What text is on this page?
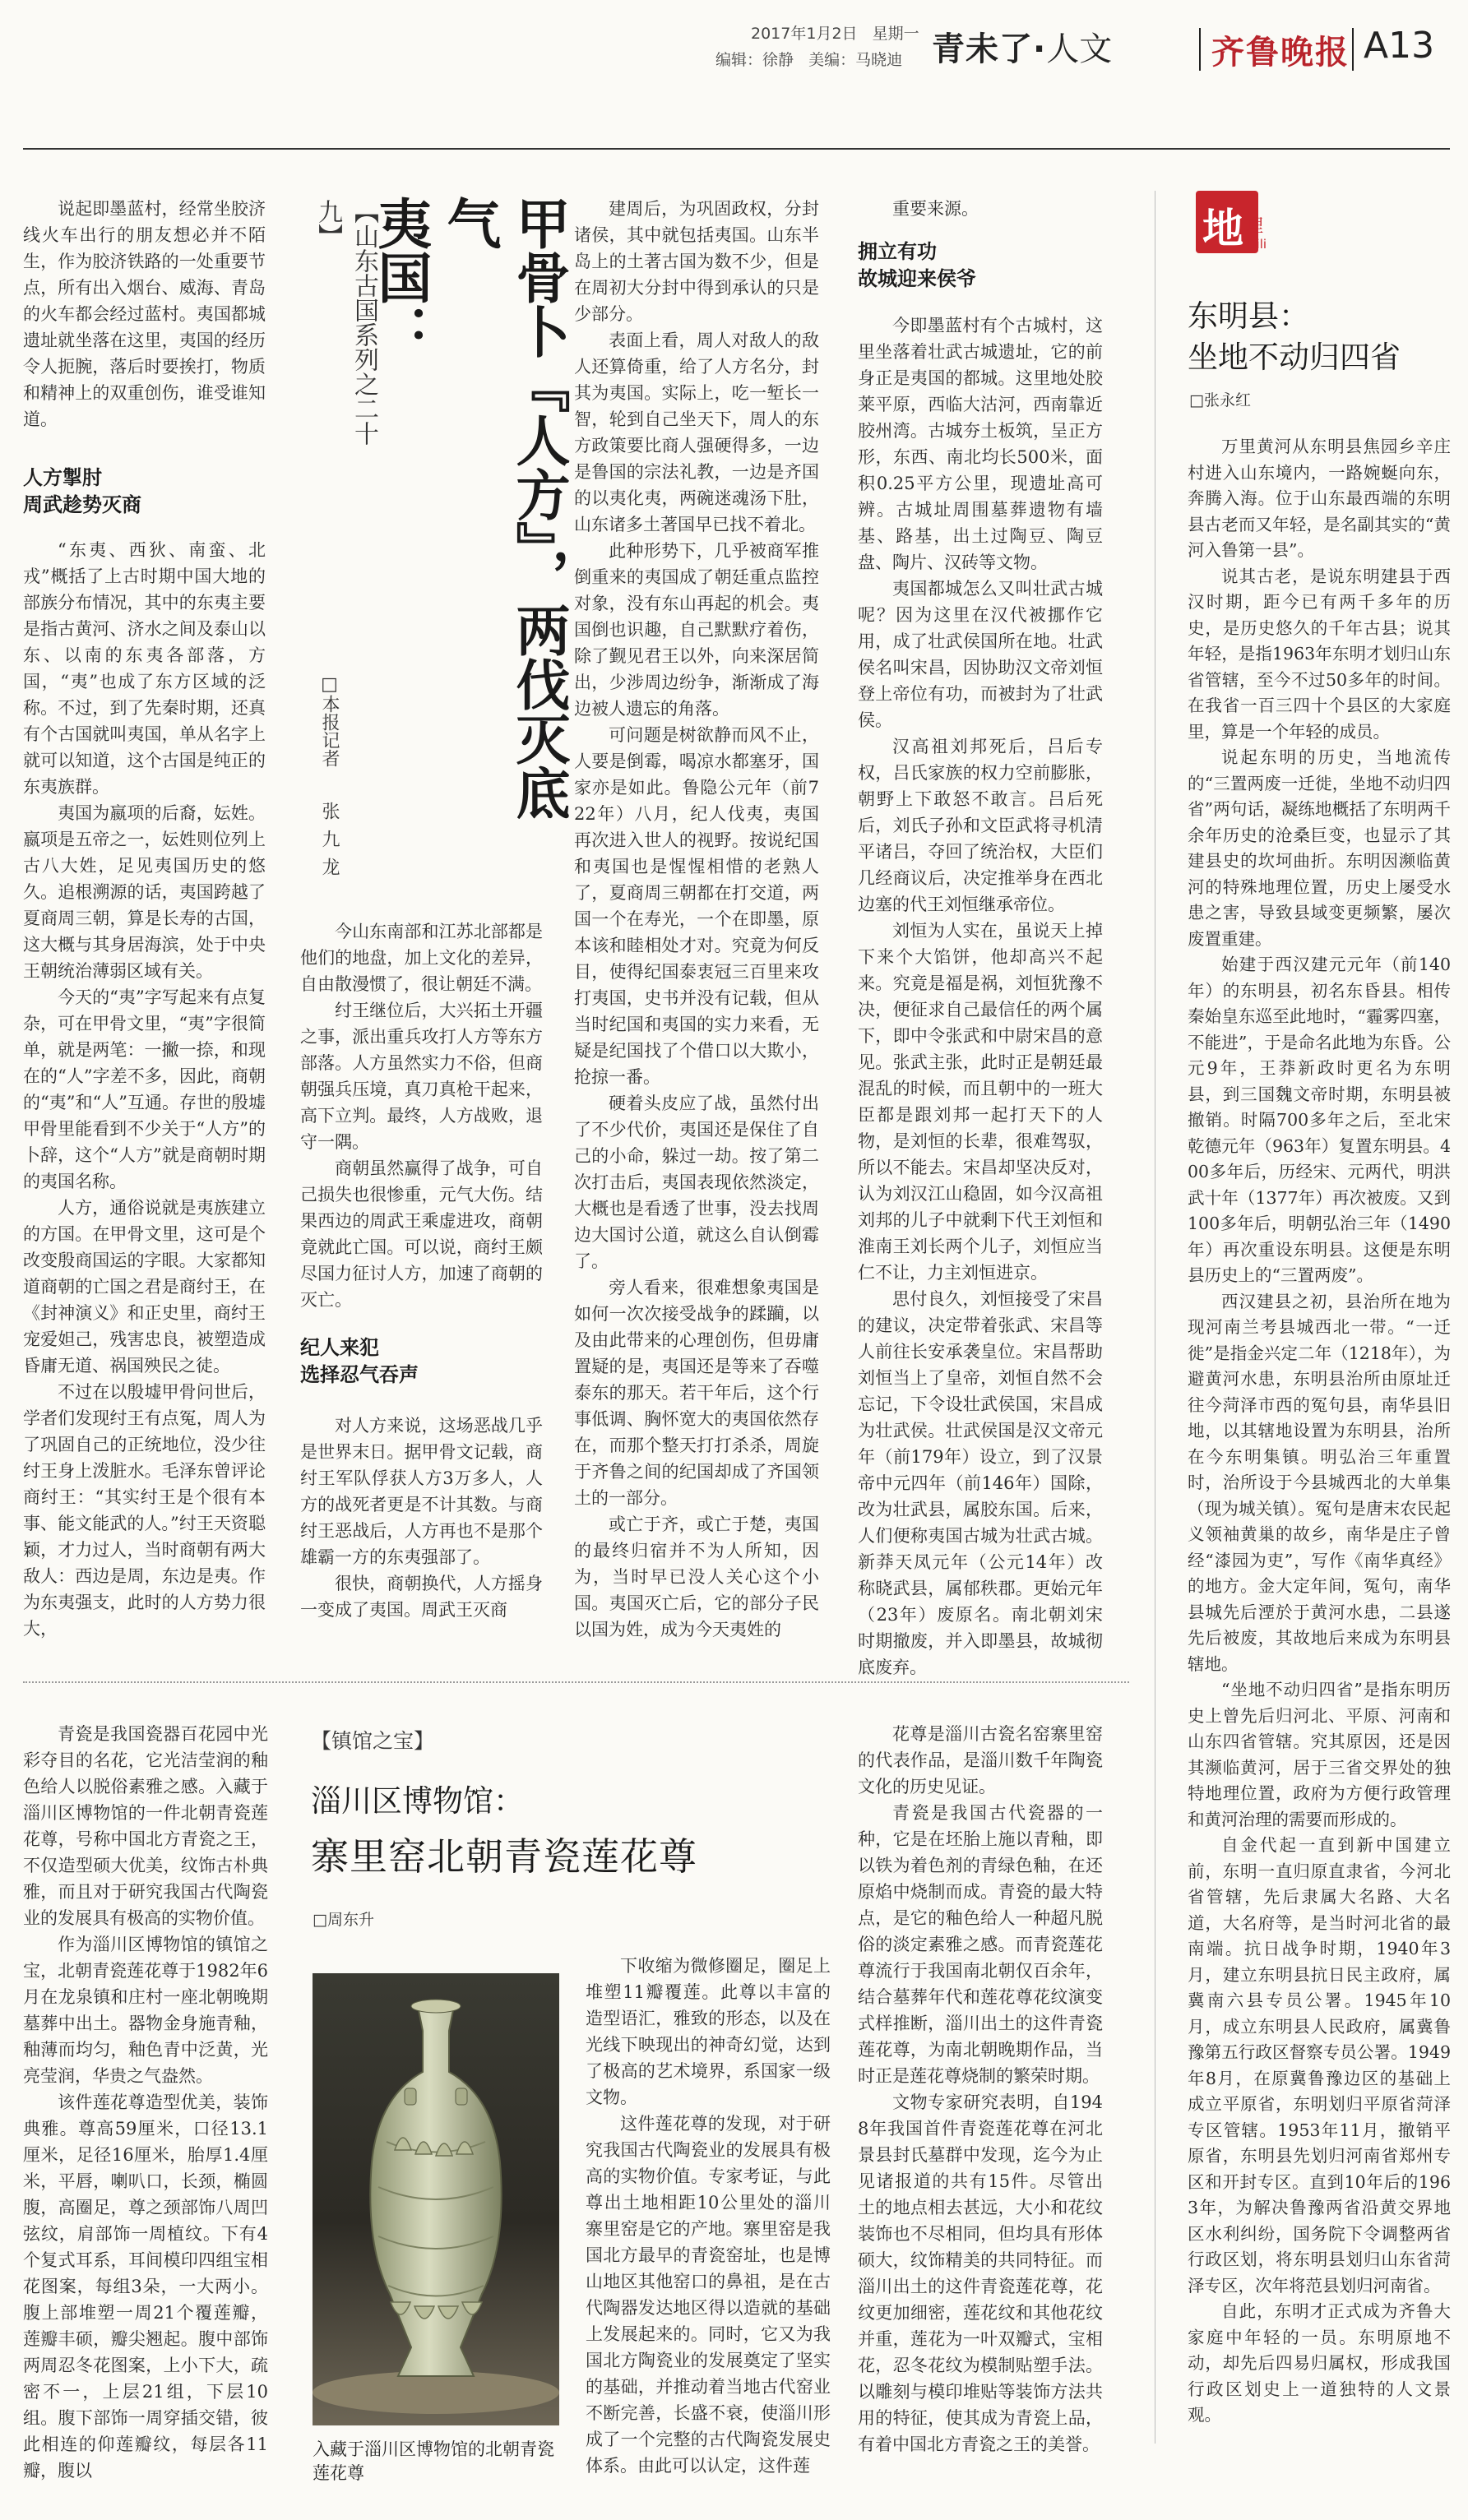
2017年1月2日 星期一
编辑：徐静 美编：马晓迪 青未了·人文	齐鲁晚报 A13

说起即墨蓝村，经常坐胶济线火车出行的朋友想必并不陌生，作为胶济铁路的一处重要节点，所有出入烟台、威海、青岛的火车都会经过蓝村。夷国都城遗址就坐落在这里，夷国的经历令人扼腕，落后时要挨打，物质和精神上的双重创伤，谁受谁知道。

人方掣肘
周武趁势灭商

“东夷、西狄、南蛮、北戎”概括了上古时期中国大地的部族分布情况，其中的东夷主要是指古黄河、济水之间及泰山以东、以南的东夷各部落，方国，“夷”也成了东方区域的泛称。不过，到了先秦时期，还真有个古国就叫夷国，单从名字上就可以知道，这个古国是纯正的东夷族群。

夷国为嬴项的后裔，妘姓。嬴项是五帝之一，妘姓则位列上古八大姓，足见夷国历史的悠久。追根溯源的话，夷国跨越了夏商周三朝，算是长寿的古国，这大概与其身居海滨，处于中央王朝统治薄弱区域有关。

今天的“夷”字写起来有点复杂，可在甲骨文里，“夷”字很简单，就是两笔：一撇一捺，和现在的“人”字差不多，因此，商朝的“夷”和“人”互通。存世的殷墟甲骨里能看到不少关于“人方”的卜辞，这个“人方”就是商朝时期的夷国名称。

人方，通俗说就是夷族建立的方国。在甲骨文里，这可是个改变殷商国运的字眼。大家都知道商朝的亡国之君是商纣王，在《封神演义》和正史里，商纣王宠爱妲己，残害忠良，被塑造成昏庸无道、祸国殃民之徒。

不过在以殷墟甲骨问世后，学者们发现纣王有点冤，周人为了巩固自己的正统地位，没少往纣王身上泼脏水。毛泽东曾评论商纣王：“其实纣王是个很有本事、能文能武的人。”纣王天资聪颖，才力过人，当时商朝有两大敌人：西边是周，东边是夷。作为东夷强支，此时的人方势力很大，

【山东古国系列之二十九】	甲骨卜『人方』，两伐灭底气
夷国：
□本报记者
张九龙

今山东南部和江苏北部都是他们的地盘，加上文化的差异，自由散漫惯了，很让朝廷不满。

纣王继位后，大兴拓土开疆之事，派出重兵攻打人方等东方部落。人方虽然实力不俗，但商朝强兵压境，真刀真枪干起来，高下立判。最终，人方战败，退守一隅。

商朝虽然赢得了战争，可自己损失也很惨重，元气大伤。结果西边的周武王乘虚进攻，商朝竟就此亡国。可以说，商纣王颇尽国力征讨人方，加速了商朝的灭亡。

纪人来犯
选择忍气吞声

对人方来说，这场恶战几乎是世界末日。据甲骨文记载，商纣王军队俘获人方3万多人，人方的战死者更是不计其数。与商纣王恶战后，人方再也不是那个雄霸一方的东夷强部了。

很快，商朝换代，人方摇身一变成了夷国。周武王灭商

建周后，为巩固政权，分封诸侯，其中就包括夷国。山东半岛上的土著古国为数不少，但是在周初大分封中得到承认的只是少部分。

表面上看，周人对敌人的敌人还算倚重，给了人方名分，封其为夷国。实际上，吃一堑长一智，轮到自己坐天下，周人的东方政策要比商人强硬得多，一边是鲁国的宗法礼教，一边是齐国的以夷化夷，两碗迷魂汤下肚，山东诸多土著国早已找不着北。

此种形势下，几乎被商军推倒重来的夷国成了朝廷重点监控对象，没有东山再起的机会。夷国倒也识趣，自己默默疗着伤，除了觐见君王以外，向来深居简出，少涉周边纷争，渐渐成了海边被人遗忘的角落。

可问题是树欲静而风不止，人要是倒霉，喝凉水都塞牙，国家亦是如此。鲁隐公元年（前722年）八月，纪人伐夷，夷国再次进入世人的视野。按说纪国和夷国也是惺惺相惜的老熟人了，夏商周三朝都在打交道，两国一个在寿光，一个在即墨，原本该和睦相处才对。究竟为何反目，使得纪国泰衷冠三百里来攻打夷国，史书并没有记载，但从当时纪国和夷国的实力来看，无疑是纪国找了个借口以大欺小，抢掠一番。

硬着头皮应了战，虽然付出了不少代价，夷国还是保住了自己的小命，躲过一劫。按了第二次打击后，夷国表现依然淡定，大概也是看透了世事，没去找周边大国讨公道，就这么自认倒霉了。

旁人看来，很难想象夷国是如何一次次接受战争的蹂躏，以及由此带来的心理创伤，但毋庸置疑的是，夷国还是等来了吞噬泰东的那天。若干年后，这个行事低调、胸怀宽大的夷国依然存在，而那个整天打打杀杀，周旋于齐鲁之间的纪国却成了齐国领土的一部分。

或亡于齐，或亡于楚，夷国的最终归宿并不为人所知，因为，当时早已没人关心这个小国。夷国灭亡后，它的部分子民以国为姓，成为今天夷姓的

重要来源。

拥立有功
故城迎来侯爷

今即墨蓝村有个古城村，这里坐落着壮武古城遗址，它的前身正是夷国的都城。这里地处胶莱平原，西临大沽河，西南靠近胶州湾。古城夯土板筑，呈正方形，东西、南北均长500米，面积0.25平方公里，现遗址高可辨。古城址周围墓葬遗物有墙基、路基，出土过陶豆、陶豆盘、陶片、汉砖等文物。

夷国都城怎么又叫壮武古城呢？因为这里在汉代被挪作它用，成了壮武侯国所在地。壮武侯名叫宋昌，因协助汉文帝刘恒登上帝位有功，而被封为了壮武侯。

汉高祖刘邦死后，吕后专权，吕氏家族的权力空前膨胀，朝野上下敢怒不敢言。吕后死后，刘氏子孙和文臣武将寻机清平诸吕，夺回了统治权，大臣们几经商议后，决定推举身在西北边塞的代王刘恒继承帝位。

刘恒为人实在，虽说天上掉下来个大馅饼，他却高兴不起来。究竟是福是祸，刘恒犹豫不决，便征求自己最信任的两个属下，即中令张武和中尉宋昌的意见。张武主张，此时正是朝廷最混乱的时候，而且朝中的一班大臣都是跟刘邦一起打天下的人物，是刘恒的长辈，很难驾驭，所以不能去。宋昌却坚决反对，认为刘汉江山稳固，如今汉高祖刘邦的儿子中就剩下代王刘恒和淮南王刘长两个儿子，刘恒应当仁不让，力主刘恒进京。

思付良久，刘恒接受了宋昌的建议，决定带着张武、宋昌等人前往长安承袭皇位。宋昌帮助刘恒当上了皇帝，刘恒自然不会忘记，下令设壮武侯国，宋昌成为壮武侯。壮武侯国是汉文帝元年（前179年）设立，到了汉景帝中元四年（前146年）国除，改为壮武县，属胶东国。后来，人们便称夷国古城为壮武古城。新莽天凤元年（公元14年）改称晓武县，属郁秩郡。更始元年（23年）废原名。南北朝刘宋时期撤废，并入即墨县，故城彻底废弃。

地 理
Dili
东明县：
坐地不动归四省
□张永红

万里黄河从东明县焦园乡辛庄村进入山东境内，一路婉蜒向东，奔腾入海。位于山东最西端的东明县古老而又年轻，是名副其实的“黄河入鲁第一县”。

说其古老，是说东明建县于西汉时期，距今已有两千多年的历史，是历史悠久的千年古县；说其年轻，是指1963年东明才划归山东省管辖，至今不过50多年的时间。在我省一百三四十个县区的大家庭里，算是一个年轻的成员。

说起东明的历史，当地流传的“三置两废一迁徙，坐地不动归四省”两句话，凝练地概括了东明两千余年历史的沧桑巨变，也显示了其建县史的坎坷曲折。东明因濒临黄河的特殊地理位置，历史上屡受水患之害，导致县域变更频繁，屡次废置重建。

始建于西汉建元元年（前140年）的东明县，初名东昏县。相传秦始皇东巡至此地时，“霾雾四塞，不能进”，于是命名此地为东昏。公元9年，王莽新政时更名为东明县，到三国魏文帝时期，东明县被撤销。时隔700多年之后，至北宋乾德元年（963年）复置东明县。400多年后，历经宋、元两代，明洪武十年（1377年）再次被废。又到100多年后，明朝弘治三年（1490年）再次重设东明县。这便是东明县历史上的“三置两废”。

西汉建县之初，县治所在地为现河南兰考县城西北一带。“一迁徙”是指金兴定二年（1218年），为避黄河水患，东明县治所由原址迁往今菏泽市西的冤句县，南华县旧地，以其辖地设置为东明县，治所在今东明集镇。明弘治三年重置时，治所设于今县城西北的大单集（现为城关镇）。冤句是唐末农民起义领袖黄巢的故乡，南华是庄子曾经“漆园为吏”，写作《南华真经》的地方。金大定年间，冤句，南华县城先后湮於于黄河水患，二县遂先后被废，其故地后来成为东明县辖地。

“坐地不动归四省”是指东明历史上曾先后归河北、平原、河南和山东四省管辖。究其原因，还是因其濒临黄河，居于三省交界处的独特地理位置，政府为方便行政管理和黄河治理的需要而形成的。

自金代起一直到新中国建立前，东明一直归原直隶省，今河北省管辖，先后隶属大名路、大名道，大名府等，是当时河北省的最南端。抗日战争时期，1940年3月，建立东明县抗日民主政府，属冀南六县专员公署。1945年10月，成立东明县人民政府，属冀鲁豫第五行政区督察专员公署。1949年8月，在原冀鲁豫边区的基础上成立平原省，东明划归平原省菏泽专区管辖。1953年11月，撤销平原省，东明县先划归河南省郑州专区和开封专区。直到10年后的1963年，为解决鲁豫两省沿黄交界地区水利纠纷，国务院下令调整两省行政区划，将东明县划归山东省菏泽专区，次年将范县划归河南省。

自此，东明才正式成为齐鲁大家庭中年轻的一员。东明原地不动，却先后四易归属权，形成我国行政区划史上一道独特的人文景观。

青瓷是我国瓷器百花园中光彩夺目的名花，它光洁莹润的釉色给人以脱俗素雅之感。入藏于淄川区博物馆的一件北朝青瓷莲花尊，号称中国北方青瓷之王，不仅造型硕大优美，纹饰古朴典雅，而且对于研究我国古代陶瓷业的发展具有极高的实物价值。

作为淄川区博物馆的镇馆之宝，北朝青瓷莲花尊于1982年6月在龙泉镇和庄村一座北朝晚期墓葬中出土。器物金身施青釉，釉薄而均匀，釉色青中泛黄，光亮莹润，华贵之气盎然。

该件莲花尊造型优美，装饰典雅。尊高59厘米，口径13.1厘米，足径16厘米，胎厚1.4厘米，平唇，喇叭口，长颈，椭圆腹，高圈足，尊之颈部饰八周凹弦纹，肩部饰一周植纹。下有4个复式耳系，耳间模印四组宝相花图案，每组3朵，一大两小。腹上部堆塑一周21个覆莲瓣，莲瓣丰硕，瓣尖翘起。腹中部饰两周忍冬花图案，上小下大，疏密不一，上层21组，下层10组。腹下部饰一周穿插交错，彼此相连的仰莲瓣纹，每层各11瓣，腹以

【镇馆之宝】
淄川区博物馆：
寨里窑北朝青瓷莲花尊
□周东升
入藏于淄川区博物馆的北朝青瓷莲花尊

下收缩为微修圈足，圈足上堆塑11瓣覆莲。此尊以丰富的造型语汇，雅致的形态，以及在光线下映现出的神奇幻觉，达到了极高的艺术境界，系国家一级文物。

这件莲花尊的发现，对于研究我国古代陶瓷业的发展具有极高的实物价值。专家考证，与此尊出土地相距10公里处的淄川寨里窑是它的产地。寨里窑是我国北方最早的青瓷窑址，也是博山地区其他窑口的鼻祖，是在古代陶器发达地区得以造就的基础上发展起来的。同时，它又为我国北方陶瓷业的发展奠定了坚实的基础，并推动着当地古代窑业不断完善，长盛不衰，使淄川形成了一个完整的古代陶瓷发展史体系。由此可以认定，这件莲

花尊是淄川古瓷名窑寨里窑的代表作品，是淄川数千年陶瓷文化的历史见证。

青瓷是我国古代瓷器的一种，它是在坯胎上施以青釉，即以铁为着色剂的青绿色釉，在还原焰中烧制而成。青瓷的最大特点，是它的釉色给人一种超凡脱俗的淡定素雅之感。而青瓷莲花尊流行于我国南北朝仅百余年，结合墓葬年代和莲花尊花纹演变式样推断，淄川出土的这件青瓷莲花尊，为南北朝晚期作品，当时正是莲花尊烧制的繁荣时期。

文物专家研究表明，自1948年我国首件青瓷莲花尊在河北景县封氏墓群中发现，迄今为止见诸报道的共有15件。尽管出土的地点相去甚远，大小和花纹装饰也不尽相同，但均具有形体硕大，纹饰精美的共同特征。而淄川出土的这件青瓷莲花尊，花纹更加细密，莲花纹和其他花纹并重，莲花为一叶双瓣式，宝相花，忍冬花纹为模制贴塑手法。以雕刻与模印堆贴等装饰方法共用的特征，使其成为青瓷上品，有着中国北方青瓷之王的美誉。
